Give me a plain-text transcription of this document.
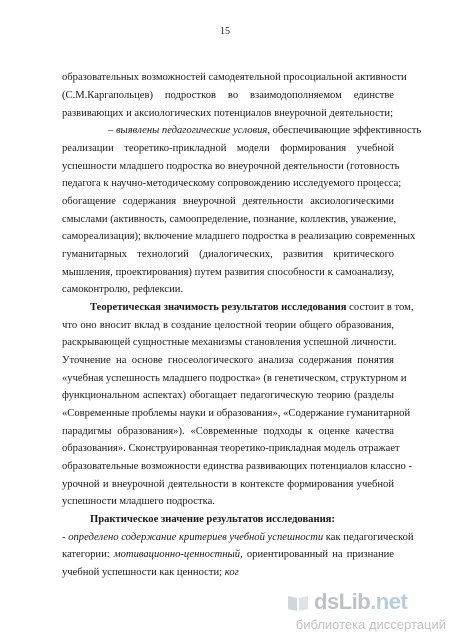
15
образовательных возможностей самодеятельной просоциальной активности
(С.М.Каргапольцев) подростков во взаимодополняемом единстве
развивающих и аксиологических потенциалов внеурочной деятельности;
– выявлены педагогические условия, обеспечивающие эффективность
реализации теоретико-прикладной модели формирования учебной
успешности младшего подростка во внеурочной деятельности (готовность
педагога к научно-методическому сопровождению исследуемого процесса;
обогащение содержания внеурочной деятельности аксиологическими
смыслами (активность, самоопределение, познание, коллектив, уважение,
самореализация); включение младшего подростка в реализацию современных
гуманитарных технологий (диалогических, развития критического
мышления, проектирования) путем развития способности к самоанализу,
самоконтролю, рефлексии.
Теоретическая значимость результатов исследования состоит в том,
что оно вносит вклад в создание целостной теории общего образования,
раскрывающей сущностные механизмы становления успешной личности.
Уточнение на основе гносеологического анализа содержания понятия
«учебная успешность младшего подростка» (в генетическом, структурном и
функциональном аспектах) обогащает педагогическую теорию (разделы
«Современные проблемы науки и образования», «Содержание гуманитарной
парадигмы образования»). «Современные подходы к оценке качества
образования». Сконструированная теоретико-прикладная модель отражает
образовательные возможности единства развивающих потенциалов классно -
урочной и внеурочной деятельности в контексте формирования учебной
успешности младшего подростка.
Практическое значение результатов исследования:
- определено содержание критериев учебной успешности как педагогической
категории: мотивационно-ценностный, ориентированный на признание
учебной успешности как ценности; ког
dsLib.net
библиотека диссертаций
